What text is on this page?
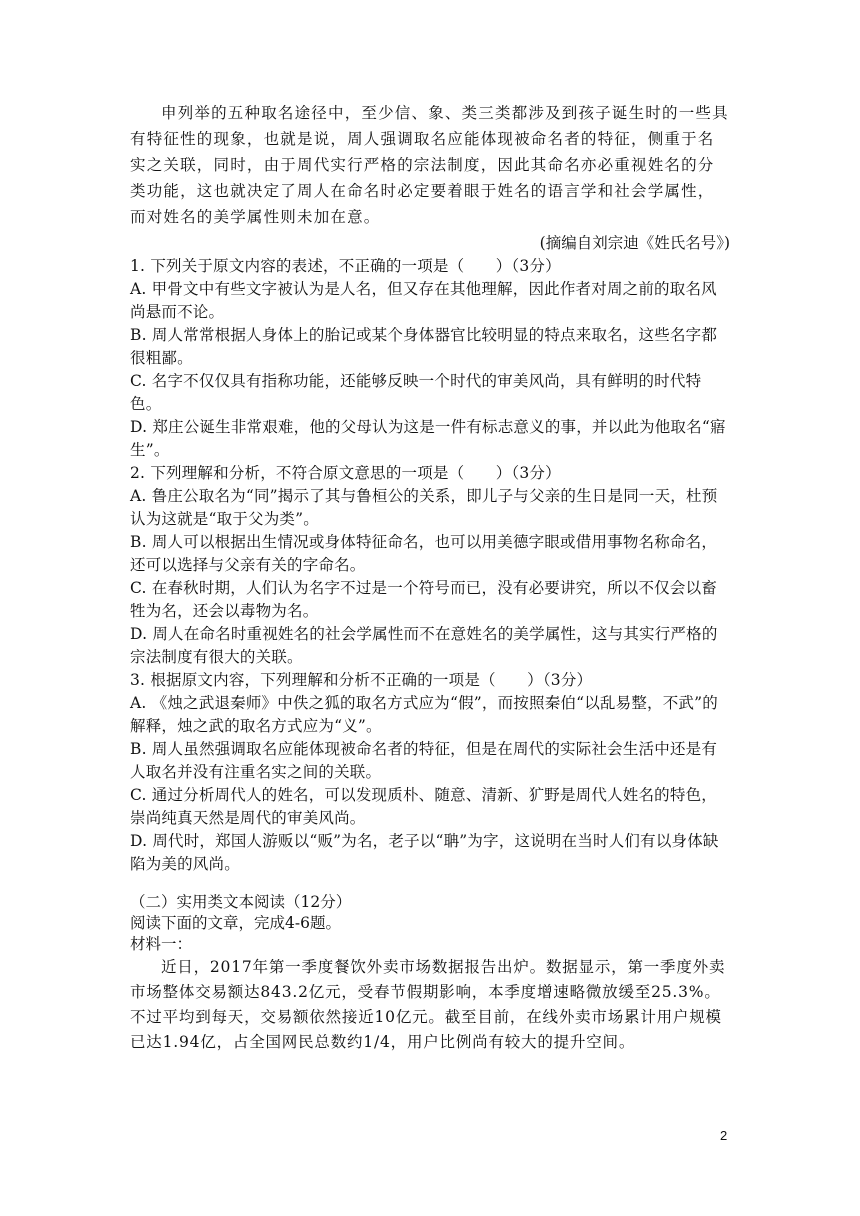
申列举的五种取名途径中，至少信、象、类三类都涉及到孩子诞生时的一些具有特征性的现象，也就是说，周人强调取名应能体现被命名者的特征，侧重于名实之关联，同时，由于周代实行严格的宗法制度，因此其命名亦必重视姓名的分类功能，这也就决定了周人在命名时必定要着眼于姓名的语言学和社会学属性，而对姓名的美学属性则未加在意。

(摘编自刘宗迪《姓氏名号》)

1. 下列关于原文内容的表述，不正确的一项是（　　）（3分）

A. 甲骨文中有些文字被认为是人名，但又存在其他理解，因此作者对周之前的取名风尚悬而不论。

B. 周人常常根据人身体上的胎记或某个身体器官比较明显的特点来取名，这些名字都很粗鄙。

C. 名字不仅仅具有指称功能，还能够反映一个时代的审美风尚，具有鲜明的时代特色。

D. 郑庄公诞生非常艰难，他的父母认为这是一件有标志意义的事，并以此为他取名“寤生”。

2. 下列理解和分析，不符合原文意思的一项是（　　）（3分）

A. 鲁庄公取名为“同”揭示了其与鲁桓公的关系，即儿子与父亲的生日是同一天，杜预认为这就是“取于父为类”。

B. 周人可以根据出生情况或身体特征命名，也可以用美德字眼或借用事物名称命名，还可以选择与父亲有关的字命名。

C. 在春秋时期，人们认为名字不过是一个符号而已，没有必要讲究，所以不仅会以畜牲为名，还会以毒物为名。

D. 周人在命名时重视姓名的社会学属性而不在意姓名的美学属性，这与其实行严格的宗法制度有很大的关联。

3. 根据原文内容，下列理解和分析不正确的一项是（　　）（3分）

A. 《烛之武退秦师》中佚之狐的取名方式应为“假”，而按照秦伯“以乱易整，不武”的解释，烛之武的取名方式应为“义”。

B. 周人虽然强调取名应能体现被命名者的特征，但是在周代的实际社会生活中还是有人取名并没有注重名实之间的关联。

C. 通过分析周代人的姓名，可以发现质朴、随意、清新、犷野是周代人姓名的特色，崇尚纯真天然是周代的审美风尚。

D. 周代时，郑国人游贩以“贩”为名，老子以“聃”为字，这说明在当时人们有以身体缺陷为美的风尚。

（二）实用类文本阅读（12分）

阅读下面的文章，完成4-6题。

材料一：

近日，2017年第一季度餐饮外卖市场数据报告出炉。数据显示，第一季度外卖市场整体交易额达843.2亿元，受春节假期影响，本季度增速略微放缓至25.3%。不过平均到每天，交易额依然接近10亿元。截至目前，在线外卖市场累计用户规模已达1.94亿，占全国网民总数约1/4，用户比例尚有较大的提升空间。

2
